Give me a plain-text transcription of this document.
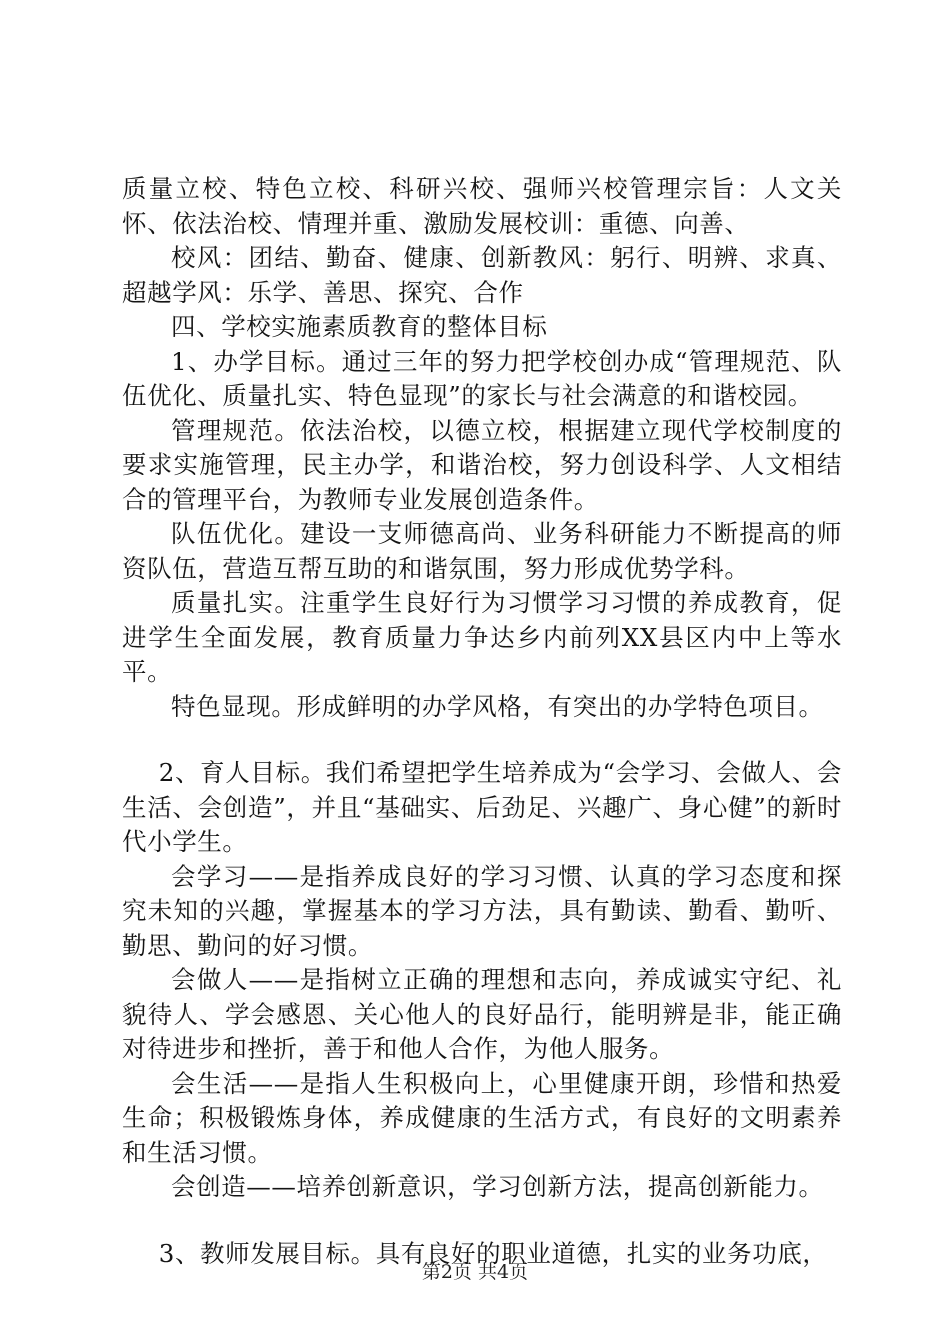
质量立校、特色立校、科研兴校、强师兴校管理宗旨：人文关怀、依法治校、情理并重、激励发展校训：重德、向善、

校风：团结、勤奋、健康、创新教风：躬行、明辨、求真、超越学风：乐学、善思、探究、合作

四、学校实施素质教育的整体目标

1、办学目标。通过三年的努力把学校创办成“管理规范、队伍优化、质量扎实、特色显现”的家长与社会满意的和谐校园。

管理规范。依法治校，以德立校，根据建立现代学校制度的要求实施管理，民主办学，和谐治校，努力创设科学、人文相结合的管理平台，为教师专业发展创造条件。

队伍优化。建设一支师德高尚、业务科研能力不断提高的师资队伍，营造互帮互助的和谐氛围，努力形成优势学科。

质量扎实。注重学生良好行为习惯学习习惯的养成教育，促进学生全面发展，教育质量力争达乡内前列XX县区内中上等水平。

特色显现。形成鲜明的办学风格，有突出的办学特色项目。

2、育人目标。我们希望把学生培养成为“会学习、会做人、会生活、会创造”，并且“基础实、后劲足、兴趣广、身心健”的新时代小学生。

会学习——是指养成良好的学习习惯、认真的学习态度和探究未知的兴趣，掌握基本的学习方法，具有勤读、勤看、勤听、勤思、勤问的好习惯。

会做人——是指树立正确的理想和志向，养成诚实守纪、礼貌待人、学会感恩、关心他人的良好品行，能明辨是非，能正确对待进步和挫折，善于和他人合作，为他人服务。

会生活——是指人生积极向上，心里健康开朗，珍惜和热爱生命；积极锻炼身体，养成健康的生活方式，有良好的文明素养和生活习惯。

会创造——培养创新意识，学习创新方法，提高创新能力。

3、教师发展目标。具有良好的职业道德，扎实的业务功底，

第2页 共4页
